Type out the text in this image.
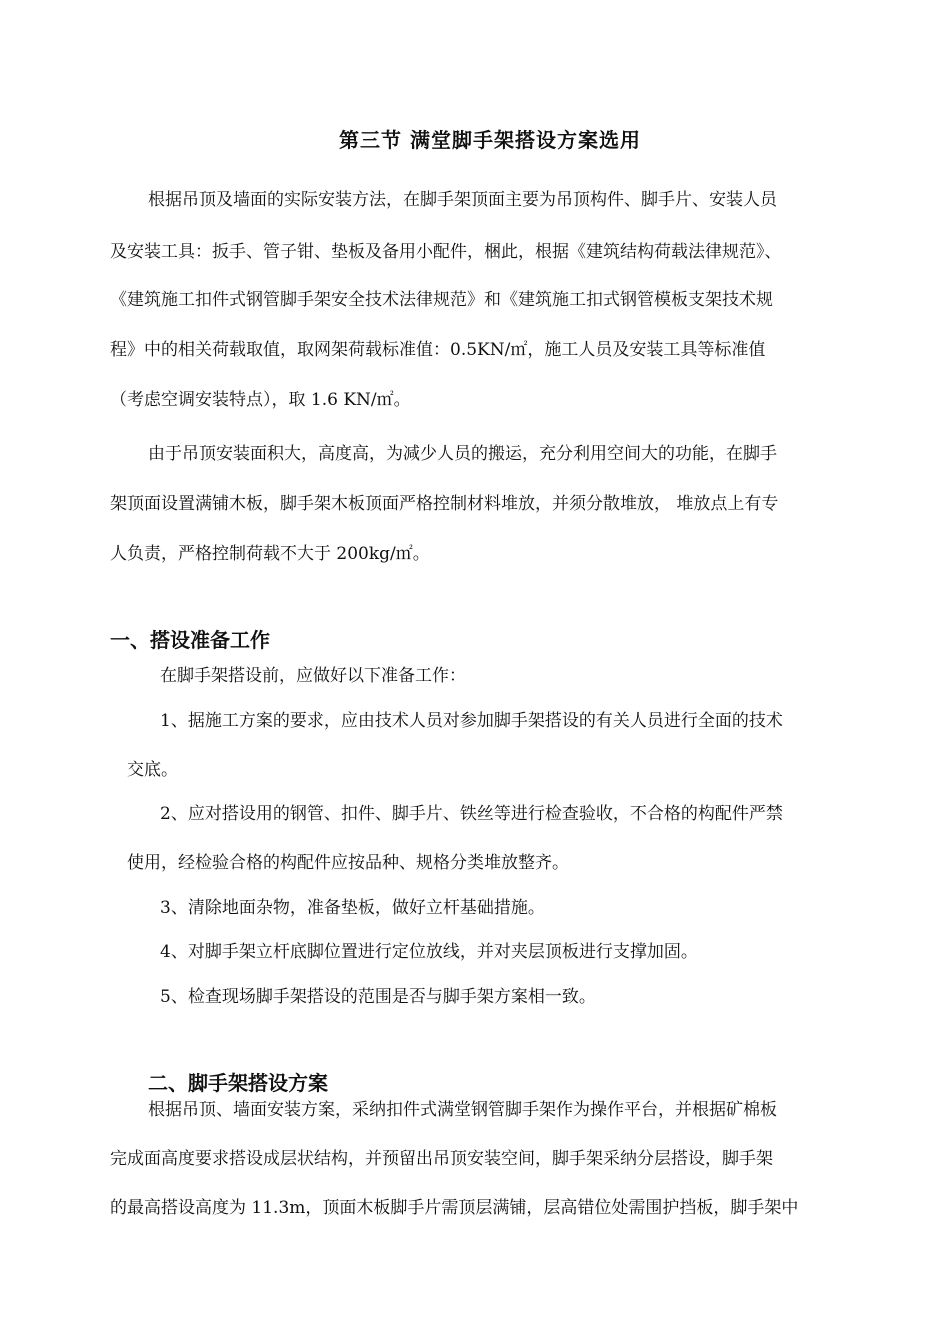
第三节 满堂脚手架搭设方案选用
根据吊顶及墙面的实际安装方法，在脚手架顶面主要为吊顶构件、脚手片、安装人员
及安装工具：扳手、管子钳、垫板及备用小配件，梱此，根据《建筑结构荷载法律规范》、
《建筑施工扣件式钢管脚手架安全技术法律规范》和《建筑施工扣式钢管模板支架技术规
程》中的相关荷载取值，取网架荷载标准值：0.5KN/㎡，施工人员及安装工具等标准值
（考虑空调安装特点），取 1.6 KN/㎡。
由于吊顶安装面积大，高度高，为减少人员的搬运，充分利用空间大的功能，在脚手
架顶面设置满铺木板，脚手架木板顶面严格控制材料堆放，并须分散堆放， 堆放点上有专
人负责，严格控制荷载不大于 200kg/㎡。
一、搭设准备工作
在脚手架搭设前，应做好以下准备工作：
1、据施工方案的要求，应由技术人员对参加脚手架搭设的有关人员进行全面的技术
交底。
2、应对搭设用的钢管、扣件、脚手片、铁丝等进行检查验收，不合格的构配件严禁
使用，经检验合格的构配件应按品种、规格分类堆放整齐。
3、清除地面杂物，准备垫板，做好立杆基础措施。
4、对脚手架立杆底脚位置进行定位放线，并对夹层顶板进行支撑加固。
5、检查现场脚手架搭设的范围是否与脚手架方案相一致。
二、脚手架搭设方案
根据吊顶、墙面安装方案，采纳扣件式满堂钢管脚手架作为操作平台，并根据矿棉板
完成面高度要求搭设成层状结构，并预留出吊顶安装空间，脚手架采纳分层搭设，脚手架
的最高搭设高度为 11.3m，顶面木板脚手片需顶层满铺，层高错位处需围护挡板，脚手架中
